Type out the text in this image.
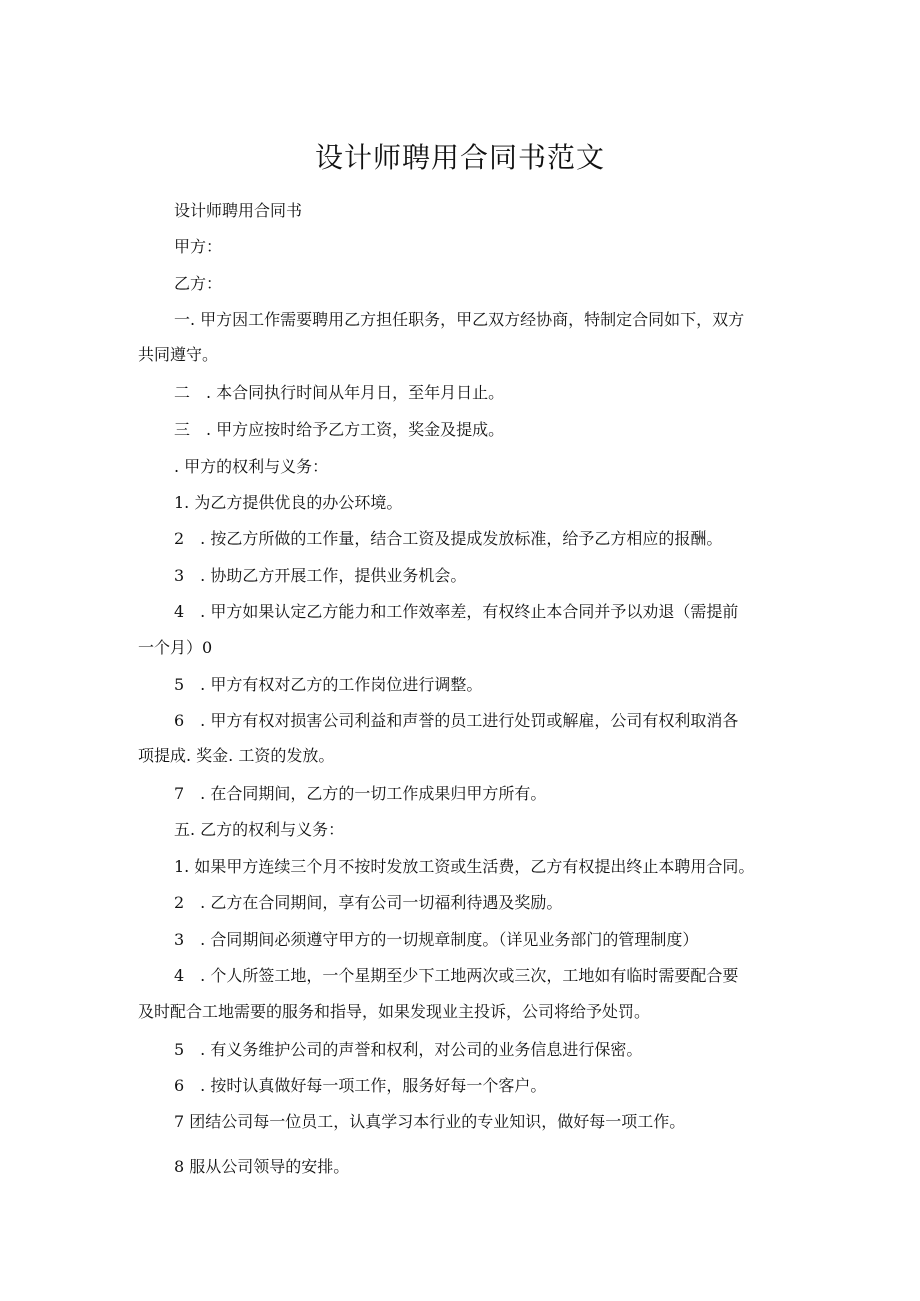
设计师聘用合同书范文

设计师聘用合同书

甲方：

乙方：

一. 甲方因工作需要聘用乙方担任职务，甲乙双方经协商，特制定合同如下，双方

共同遵守。

二　. 本合同执行时间从年月日，至年月日止。

三　. 甲方应按时给予乙方工资，奖金及提成。

. 甲方的权利与义务：

1. 为乙方提供优良的办公环境。

2　. 按乙方所做的工作量，结合工资及提成发放标准，给予乙方相应的报酬。

3　. 协助乙方开展工作，提供业务机会。

4　. 甲方如果认定乙方能力和工作效率差，有权终止本合同并予以劝退（需提前

一个月）0

5　. 甲方有权对乙方的工作岗位进行调整。

6　. 甲方有权对损害公司利益和声誉的员工进行处罚或解雇，公司有权利取消各

项提成. 奖金. 工资的发放。

7　. 在合同期间，乙方的一切工作成果归甲方所有。

五. 乙方的权利与义务：

1. 如果甲方连续三个月不按时发放工资或生活费，乙方有权提出终止本聘用合同。

2　. 乙方在合同期间，享有公司一切福利待遇及奖励。

3　. 合同期间必须遵守甲方的一切规章制度。（详见业务部门的管理制度）

4　. 个人所签工地，一个星期至少下工地两次或三次，工地如有临时需要配合要

及时配合工地需要的服务和指导，如果发现业主投诉，公司将给予处罚。

5　. 有义务维护公司的声誉和权利，对公司的业务信息进行保密。

6　. 按时认真做好每一项工作，服务好每一个客户。

7 团结公司每一位员工，认真学习本行业的专业知识，做好每一项工作。

8 服从公司领导的安排。
